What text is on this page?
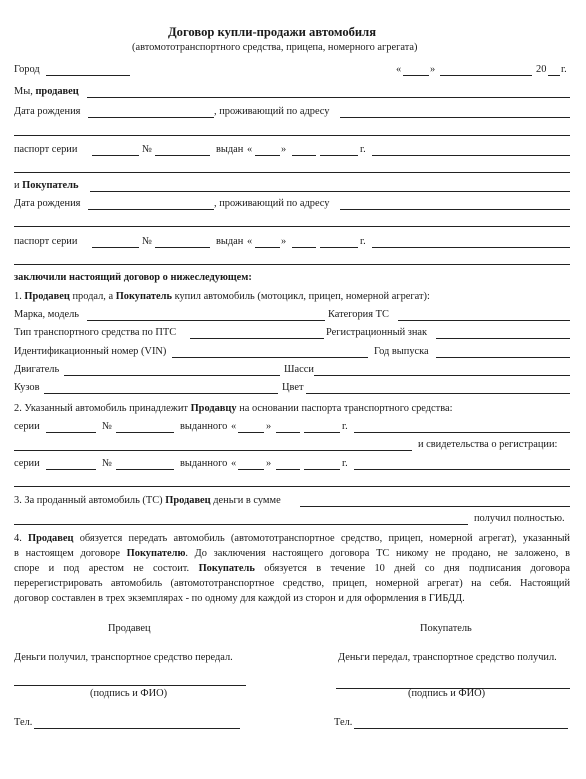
Договор купли-продажи автомобиля
(автомототранспортного средства, прицепа, номерного агрегата)
Город	«	»	20 г.
Мы, продавец
Дата рождения	, проживающий по адресу
паспорт серии	№	выдан «	»	г.
и Покупатель
Дата рождения	, проживающий по адресу
паспорт серии	№	выдан «	»	г.
заключили настоящий договор о нижеследующем:
1. Продавец продал, а Покупатель купил автомобиль (мотоцикл, прицеп, номерной агрегат):
Марка, модель	Категория ТС
Тип транспортного средства по ПТС	Регистрационный знак
Идентификационный номер (VIN)	Год выпуска
Двигатель	Шасси
Кузов	Цвет
2. Указанный автомобиль принадлежит Продавцу на основании паспорта транспортного средства:
серии	№	выданного «	»	г.
и свидетельства о регистрации:
серии	№	выданного «	»	г.
3. За проданный автомобиль (ТС) Продавец деньги в сумме
получил полностью.
4. Продавец обязуется передать автомобиль (автомототранспортное средство, прицеп, номерной агрегат), указанный
в настоящем договоре Покупателю. До заключения настоящего договора ТС никому не продано, не заложено, в
споре и под арестом не состоит. Покупатель обязуется в течение 10 дней со дня подписания договора
перерегистрировать автомобиль (автомототранспортное средство, прицеп, номерной агрегат) на себя. Настоящий
договор составлен в трех экземплярах - по одному для каждой из сторон и для оформления в ГИБДД.
Продавец	Покупатель
Деньги получил, транспортное средство передал.	Деньги передал, транспортное средство получил.
(подпись и ФИО)	(подпись и ФИО)
Тел.	Тел.
